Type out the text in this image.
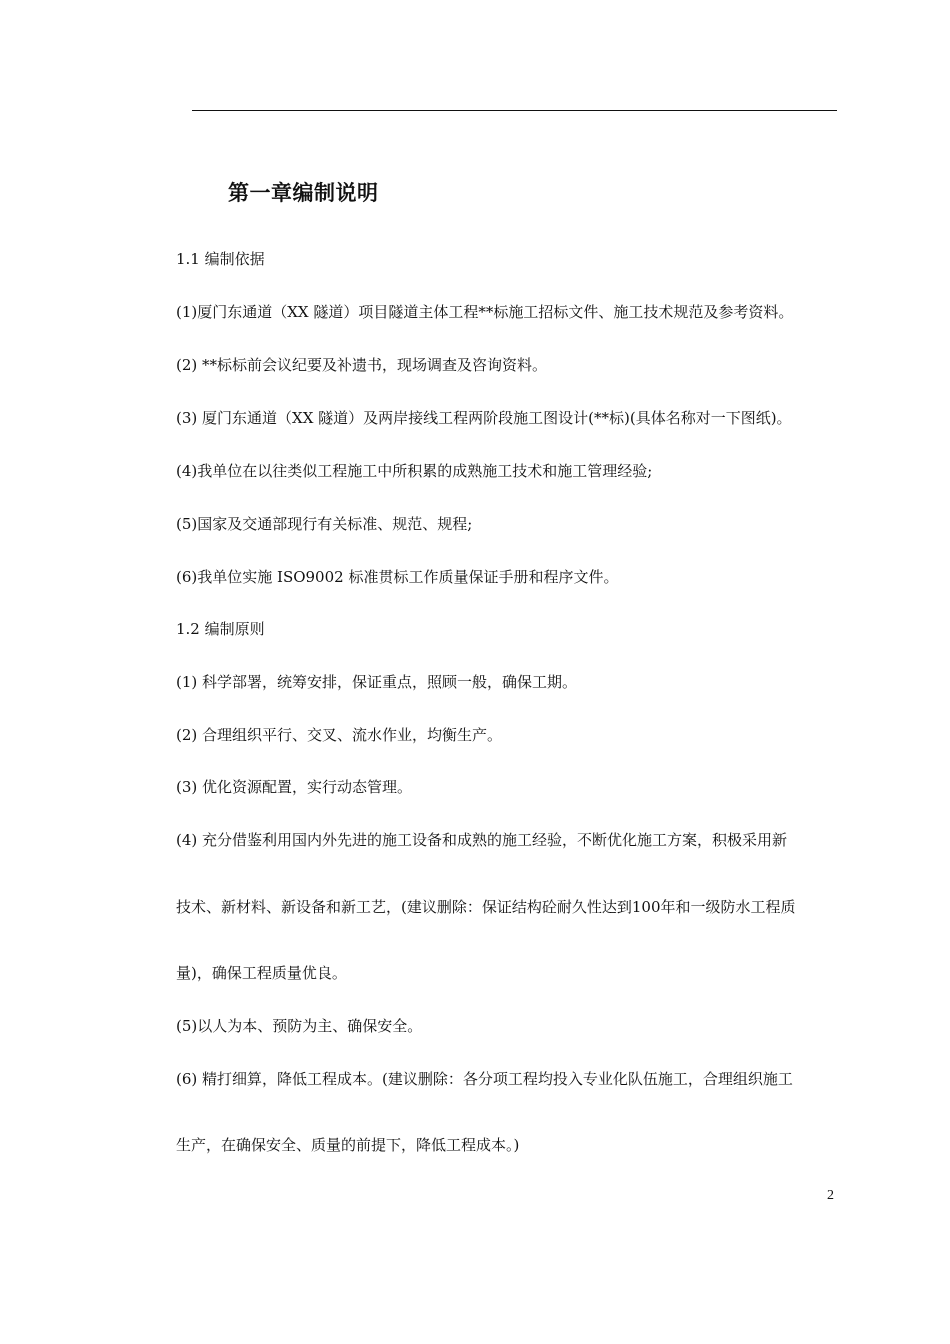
第一章编制说明
1.1 编制依据
(1)厦门东通道（XX 隧道）项目隧道主体工程**标施工招标文件、施工技术规范及参考资料。
(2) **标标前会议纪要及补遗书，现场调查及咨询资料。
(3) 厦门东通道（XX 隧道）及两岸接线工程两阶段施工图设计(**标)(具体名称对一下图纸)。
(4)我单位在以往类似工程施工中所积累的成熟施工技术和施工管理经验;
(5)国家及交通部现行有关标准、规范、规程;
(6)我单位实施 ISO9002 标准贯标工作质量保证手册和程序文件。
1.2 编制原则
(1) 科学部署，统筹安排，保证重点，照顾一般，确保工期。
(2) 合理组织平行、交叉、流水作业，均衡生产。
(3) 优化资源配置，实行动态管理。
(4) 充分借鉴利用国内外先进的施工设备和成熟的施工经验，不断优化施工方案，积极采用新
技术、新材料、新设备和新工艺，(建议删除：保证结构砼耐久性达到100年和一级防水工程质
量)，确保工程质量优良。
(5)以人为本、预防为主、确保安全。
(6) 精打细算，降低工程成本。(建议删除：各分项工程均投入专业化队伍施工，合理组织施工
生产，在确保安全、质量的前提下，降低工程成本。)
2
